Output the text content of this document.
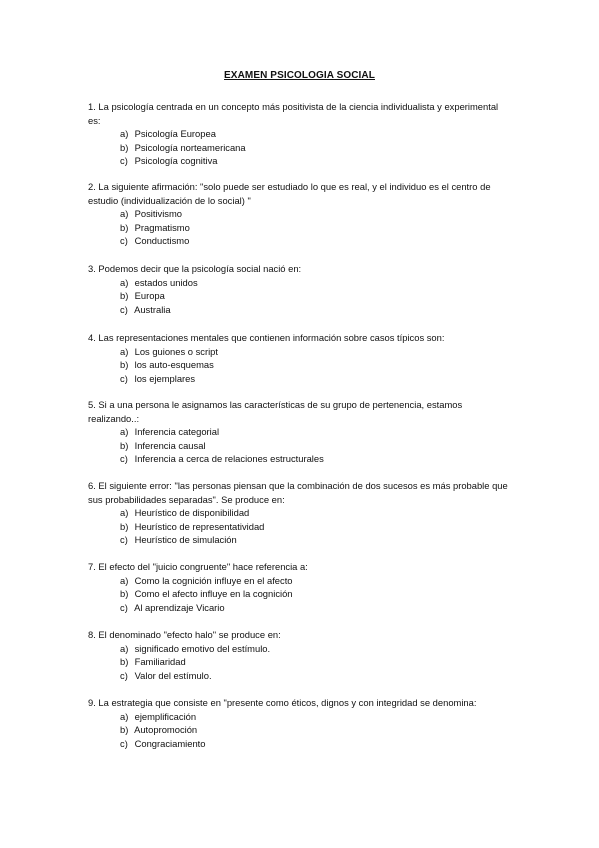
EXAMEN PSICOLOGIA SOCIAL

1. La psicología centrada en un concepto más positivista de la ciencia individualista y experimental es:

a) Psicología Europea
b) Psicología norteamericana
c) Psicología cognitiva

2. La siguiente afirmación: "solo puede ser estudiado lo que es real, y el individuo es el centro de estudio (individualización de lo social) "

a) Positivismo
b) Pragmatismo
c) Conductismo

3. Podemos decir que la psicología social nació en:

a) estados unidos
b) Europa
c) Australia

4. Las representaciones mentales que contienen información sobre casos típicos son:

a) Los guiones o script
b) los auto-esquemas
c) los ejemplares

5. Si a una persona le asignamos las características de su grupo de pertenencia, estamos realizando..:

a) Inferencia categorial
b) Inferencia causal
c) Inferencia a cerca de relaciones estructurales

6. El siguiente error: "las personas piensan que la combinación de dos sucesos es más probable que sus probabilidades separadas". Se produce en:

a) Heurístico de disponibilidad
b) Heurístico de representatividad
c) Heurístico de simulación

7. El efecto del "juicio congruente" hace referencia a:

a) Como la cognición influye en el afecto
b) Como el afecto influye en la cognición
c) Al aprendizaje Vicario

8. El denominado "efecto halo" se produce en:

a) significado emotivo del estímulo.
b) Familiaridad
c) Valor del estímulo.

9. La estrategia que consiste en "presente como éticos, dignos y con integridad se denomina:

a) ejemplificación
b) Autopromoción
c) Congraciamiento
